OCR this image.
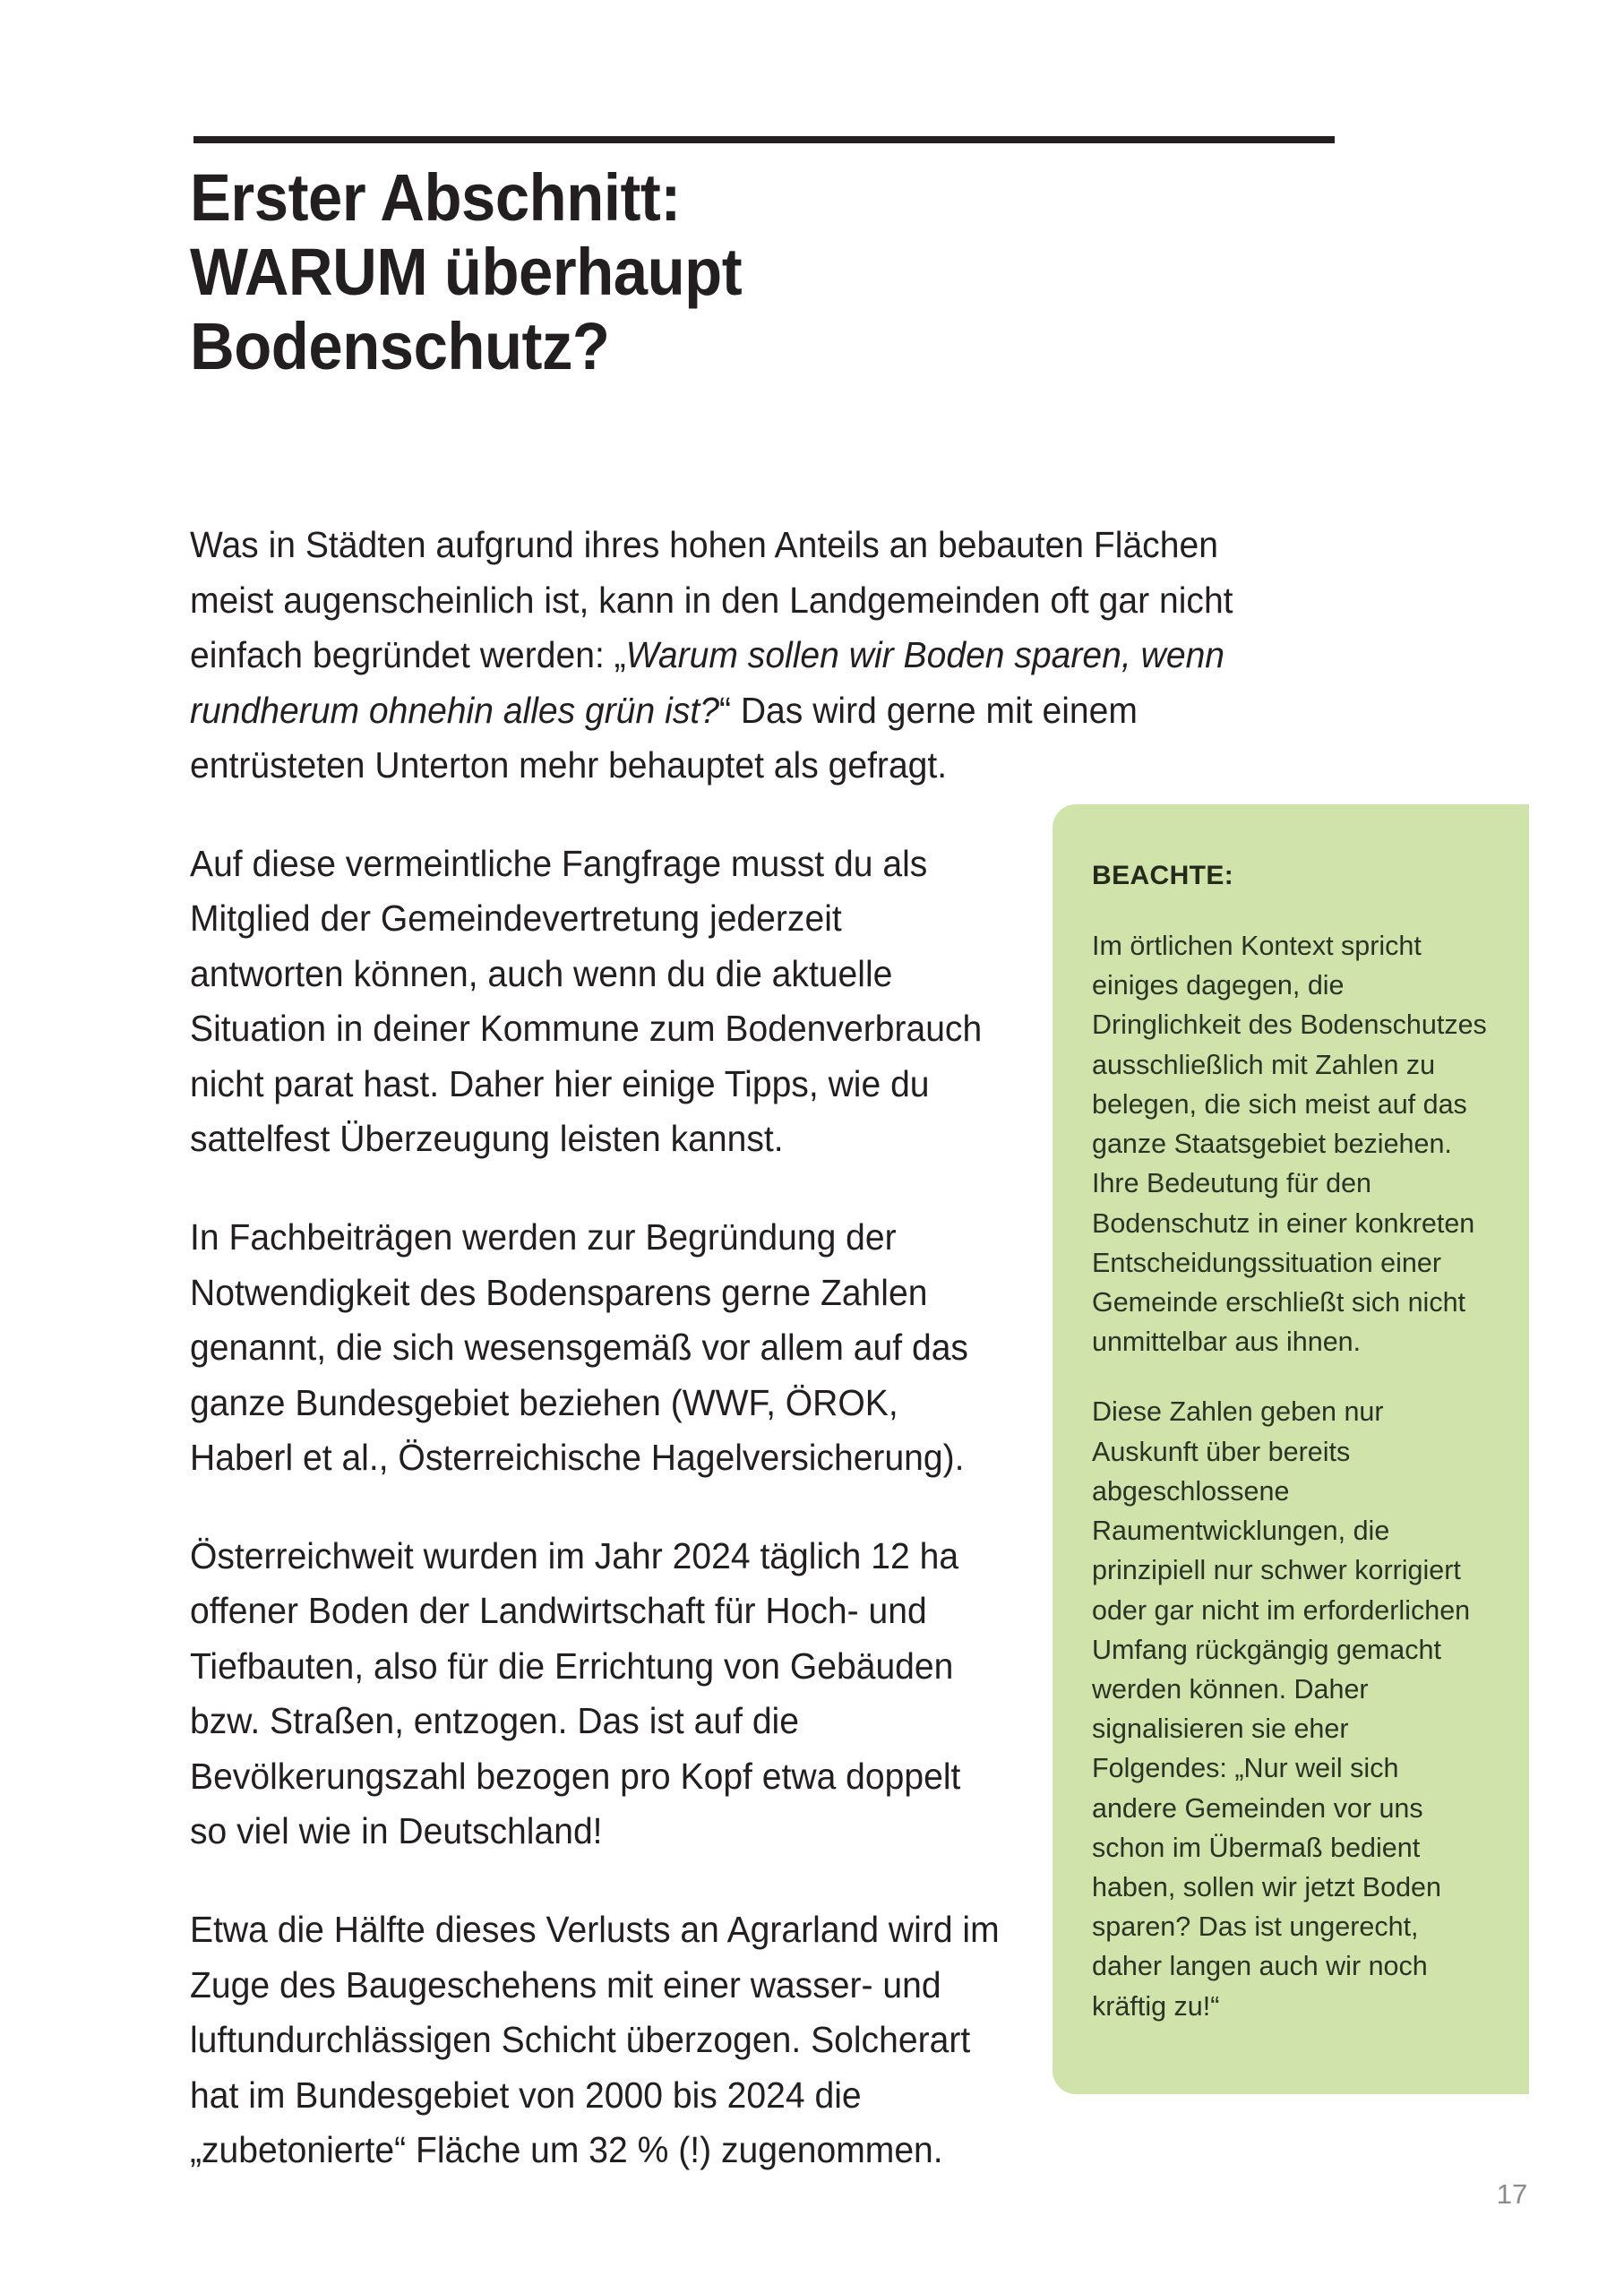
Erster Abschnitt:
WARUM überhaupt
Bodenschutz?

Was in Städten aufgrund ihres hohen Anteils an bebauten Flächen meist augenscheinlich ist, kann in den Landgemeinden oft gar nicht einfach begründet werden: „Warum sollen wir Boden sparen, wenn rundherum ohnehin alles grün ist?“ Das wird gerne mit einem entrüsteten Unterton mehr behauptet als gefragt.

Auf diese vermeintliche Fangfrage musst du als Mitglied der Gemeindevertretung jederzeit antworten können, auch wenn du die aktuelle Situation in deiner Kommune zum Bodenverbrauch nicht parat hast. Daher hier einige Tipps, wie du sattelfest Überzeugung leisten kannst.

In Fachbeiträgen werden zur Begründung der Notwendigkeit des Bodensparens gerne Zahlen genannt, die sich wesensgemäß vor allem auf das ganze Bundesgebiet beziehen (WWF, ÖROK, Haberl et al., Österreichische Hagelversicherung).

Österreichweit wurden im Jahr 2024 täglich 12 ha offener Boden der Landwirtschaft für Hoch- und Tiefbauten, also für die Errichtung von Gebäuden bzw. Straßen, entzogen. Das ist auf die Bevölkerungszahl bezogen pro Kopf etwa doppelt so viel wie in Deutschland!

Etwa die Hälfte dieses Verlusts an Agrarland wird im Zuge des Baugeschehens mit einer wasser- und luftundurchlässigen Schicht überzogen. Solcherart hat im Bundesgebiet von 2000 bis 2024 die „zubetonierte“ Fläche um 32 % (!) zugenommen.

BEACHTE:

Im örtlichen Kontext spricht einiges dagegen, die Dringlichkeit des Bodenschutzes ausschließlich mit Zahlen zu belegen, die sich meist auf das ganze Staatsgebiet beziehen. Ihre Bedeutung für den Bodenschutz in einer konkreten Entscheidungssituation einer Gemeinde erschließt sich nicht unmittelbar aus ihnen.

Diese Zahlen geben nur Auskunft über bereits abgeschlossene Raumentwicklungen, die prinzipiell nur schwer korrigiert oder gar nicht im erforderlichen Umfang rückgängig gemacht werden können. Daher signalisieren sie eher Folgendes: „Nur weil sich andere Gemeinden vor uns schon im Übermaß bedient haben, sollen wir jetzt Boden sparen? Das ist ungerecht, daher langen auch wir noch kräftig zu!“

17
